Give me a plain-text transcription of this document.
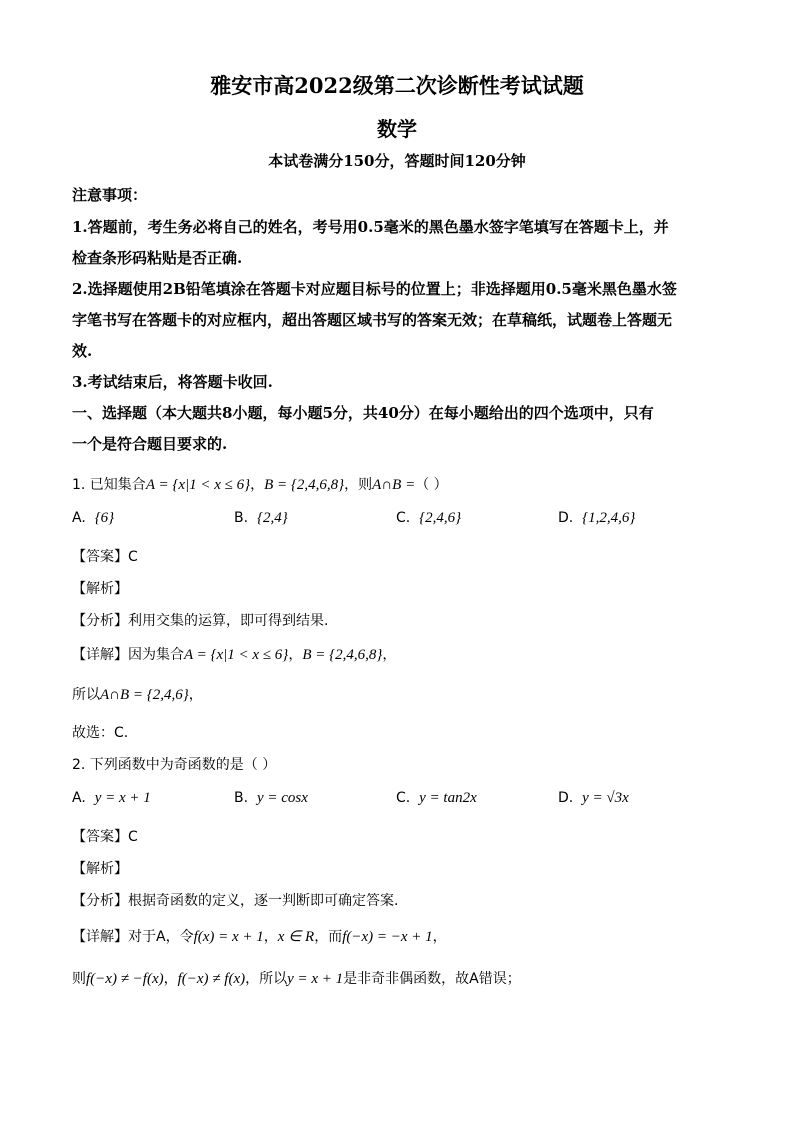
雅安市高2022级第二次诊断性考试试题
数学
本试卷满分150分，答题时间120分钟
注意事项：
1.答题前，考生务必将自己的姓名，考号用0.5毫米的黑色墨水签字笔填写在答题卡上，并
检查条形码粘贴是否正确.
2.选择题使用2B铅笔填涂在答题卡对应题目标号的位置上；非选择题用0.5毫米黑色墨水签
字笔书写在答题卡的对应框内，超出答题区域书写的答案无效；在草稿纸，试题卷上答题无
效.
3.考试结束后，将答题卡收回.
一、选择题（本大题共8小题，每小题5分，共40分）在每小题给出的四个选项中，只有
一个是符合题目要求的.
1. 已知集合A = {x|1 < x ≤ 6}，B = {2,4,6,8}，则A∩B =（ ）
A. {6}	B. {2,4}	C. {2,4,6}	D. {1,2,4,6}
【答案】C
【解析】
【分析】利用交集的运算，即可得到结果.
【详解】因为集合A = {x|1 < x ≤ 6}，B = {2,4,6,8}，
所以A∩B = {2,4,6}，
故选：C.
2. 下列函数中为奇函数的是（ ）
A. y = x + 1	B. y = cosx	C. y = tan2x	D. y = √3x
【答案】C
【解析】
【分析】根据奇函数的定义，逐一判断即可确定答案.
【详解】对于A，令f(x) = x + 1，x ∈ R，而f(−x) = −x + 1，
则f(−x) ≠ −f(x)，f(−x) ≠ f(x)，所以y = x + 1是非奇非偶函数，故A错误；
